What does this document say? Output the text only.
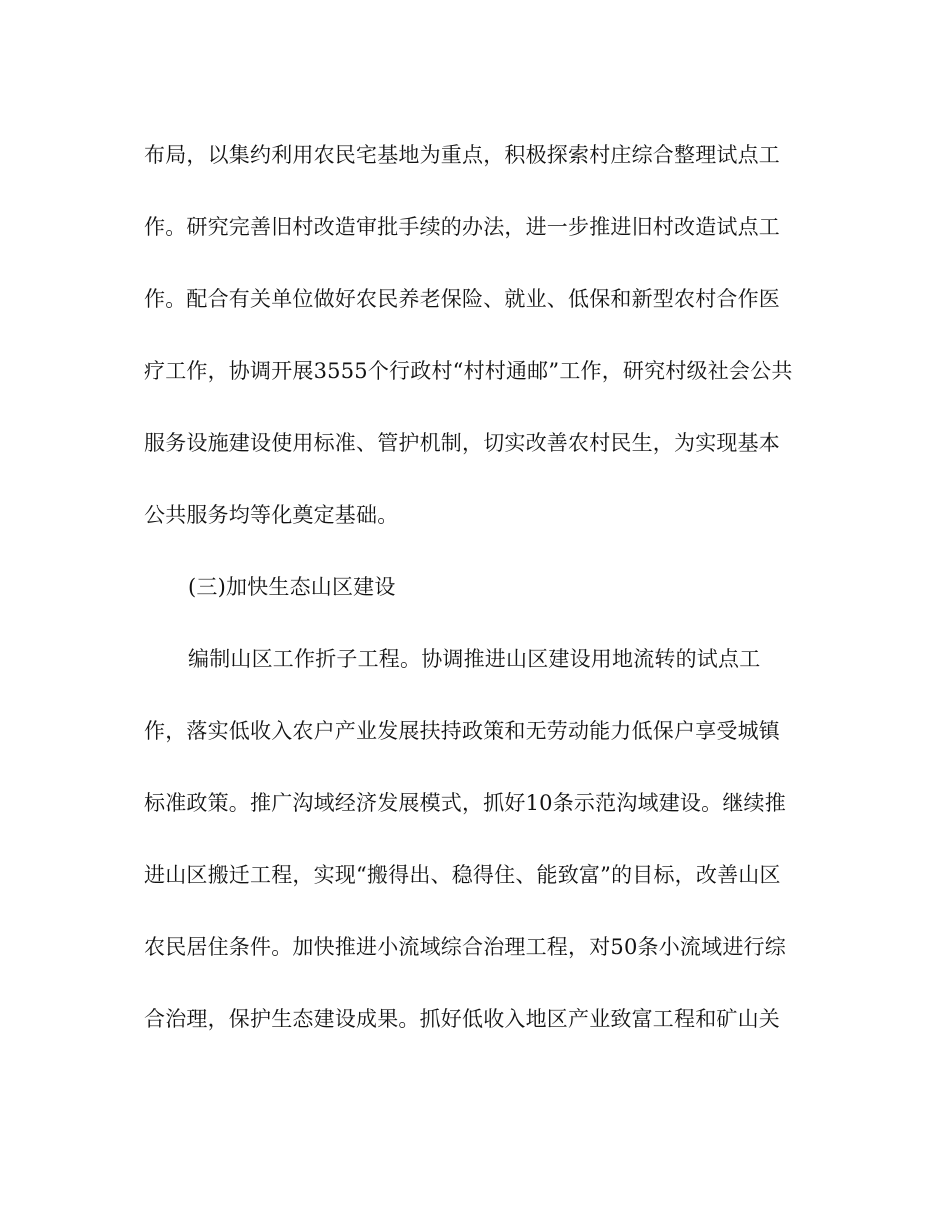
布局，以集约利用农民宅基地为重点，积极探索村庄综合整理试点工
作。研究完善旧村改造审批手续的办法，进一步推进旧村改造试点工
作。配合有关单位做好农民养老保险、就业、低保和新型农村合作医
疗工作，协调开展3555个行政村“村村通邮”工作，研究村级社会公共
服务设施建设使用标准、管护机制，切实改善农村民生，为实现基本
公共服务均等化奠定基础。
(三)加快生态山区建设
编制山区工作折子工程。协调推进山区建设用地流转的试点工
作，落实低收入农户产业发展扶持政策和无劳动能力低保户享受城镇
标准政策。推广沟域经济发展模式，抓好10条示范沟域建设。继续推
进山区搬迁工程，实现“搬得出、稳得住、能致富”的目标，改善山区
农民居住条件。加快推进小流域综合治理工程，对50条小流域进行综
合治理，保护生态建设成果。抓好低收入地区产业致富工程和矿山关
